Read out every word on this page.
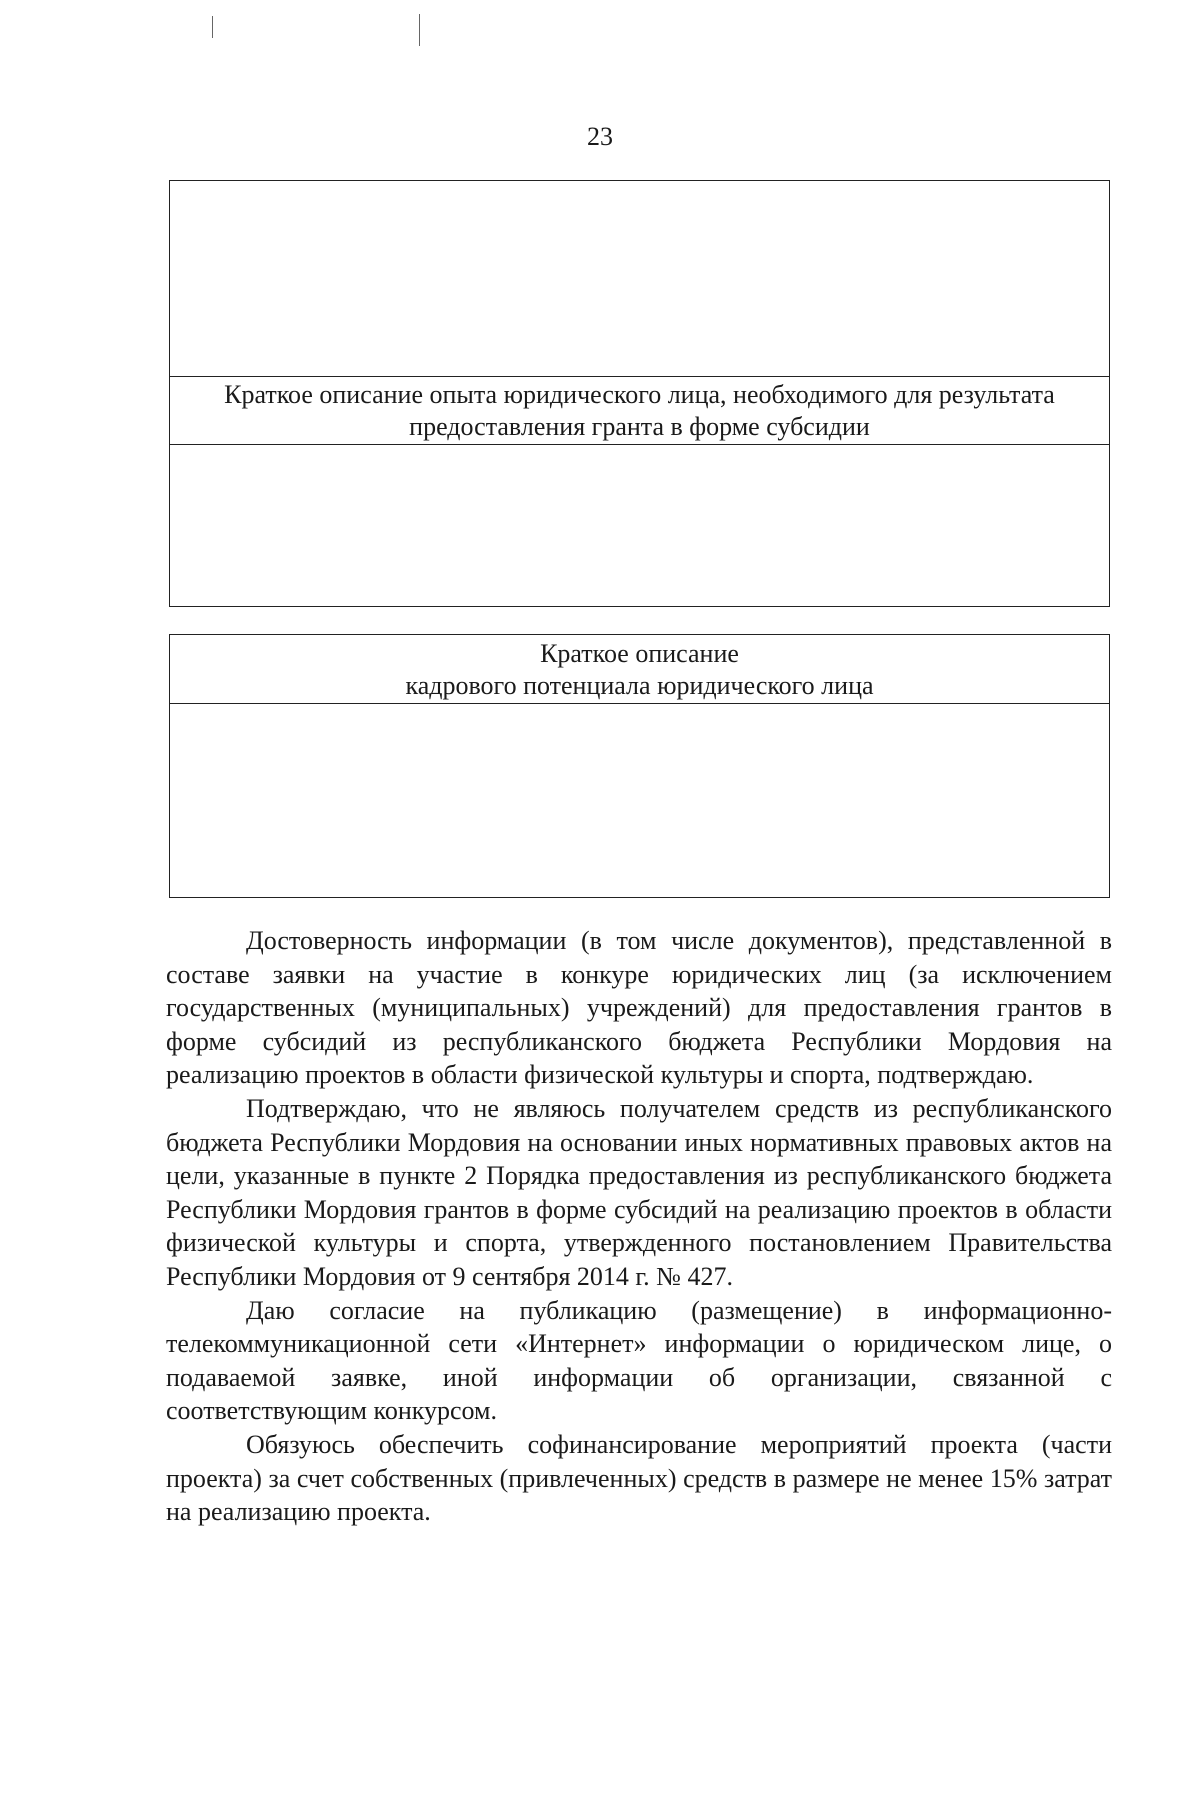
23
Краткое описание опыта юридического лица, необходимого для результата предоставления гранта в форме субсидии
Краткое описание
кадрового потенциала юридического лица

Достоверность информации (в том числе документов), представленной в составе заявки на участие в конкуре юридических лиц (за исключением государственных (муниципальных) учреждений) для предоставления грантов в форме субсидий из республиканского бюджета Республики Мордовия на реализацию проектов в области физической культуры и спорта, подтверждаю.

Подтверждаю, что не являюсь получателем средств из республиканского бюджета Республики Мордовия на основании иных нормативных правовых актов на цели, указанные в пункте 2 Порядка предоставления из республиканского бюджета Республики Мордовия грантов в форме субсидий на реализацию проектов в области физической культуры и спорта, утвержденного постановлением Правительства Республики Мордовия от 9 сентября 2014 г. № 427.

Даю согласие на публикацию (размещение) в информационно-телекоммуникационной сети «Интернет» информации о юридическом лице, о подаваемой заявке, иной информации об организации, связанной с соответствующим конкурсом.

Обязуюсь обеспечить софинансирование мероприятий проекта (части проекта) за счет собственных (привлеченных) средств в размере не менее 15% затрат на реализацию проекта.
